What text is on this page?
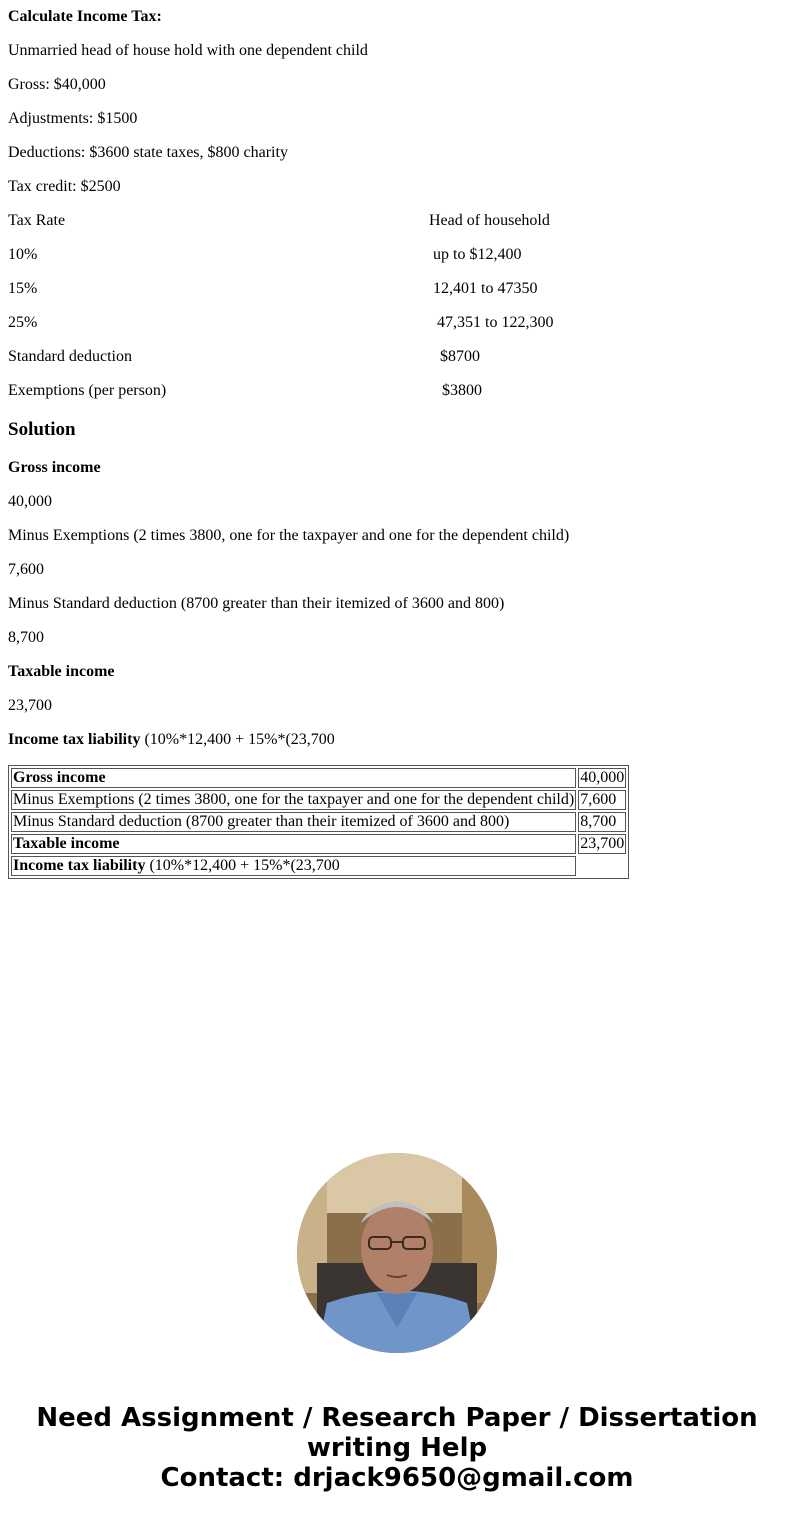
Calculate Income Tax:

Unmarried head of house hold with one dependent child

Gross: $40,000

Adjustments: $1500

Deductions: $3600 state taxes, $800 charity

Tax credit: $2500

Tax Rate	Head of household

10%	up to $12,400

15%	12,401 to 47350

25%	47,351 to 122,300

Standard deduction	$8700

Exemptions (per person)	$3800

Solution

Gross income

40,000

Minus Exemptions (2 times 3800, one for the taxpayer and one for the dependent child)

7,600

Minus Standard deduction (8700 greater than their itemized of 3600 and 800)

8,700

Taxable income

23,700

Income tax liability (10%*12,400 + 15%*(23,700

Gross income	40,000
Minus Exemptions (2 times 3800, one for the taxpayer and one for the dependent child)	7,600
Minus Standard deduction (8700 greater than their itemized of 3600 and 800)	8,700
Taxable income	23,700
Income tax liability (10%*12,400 + 15%*(23,700	
Need Assignment / Research Paper / Dissertation
writing Help
Contact: drjack9650@gmail.com
